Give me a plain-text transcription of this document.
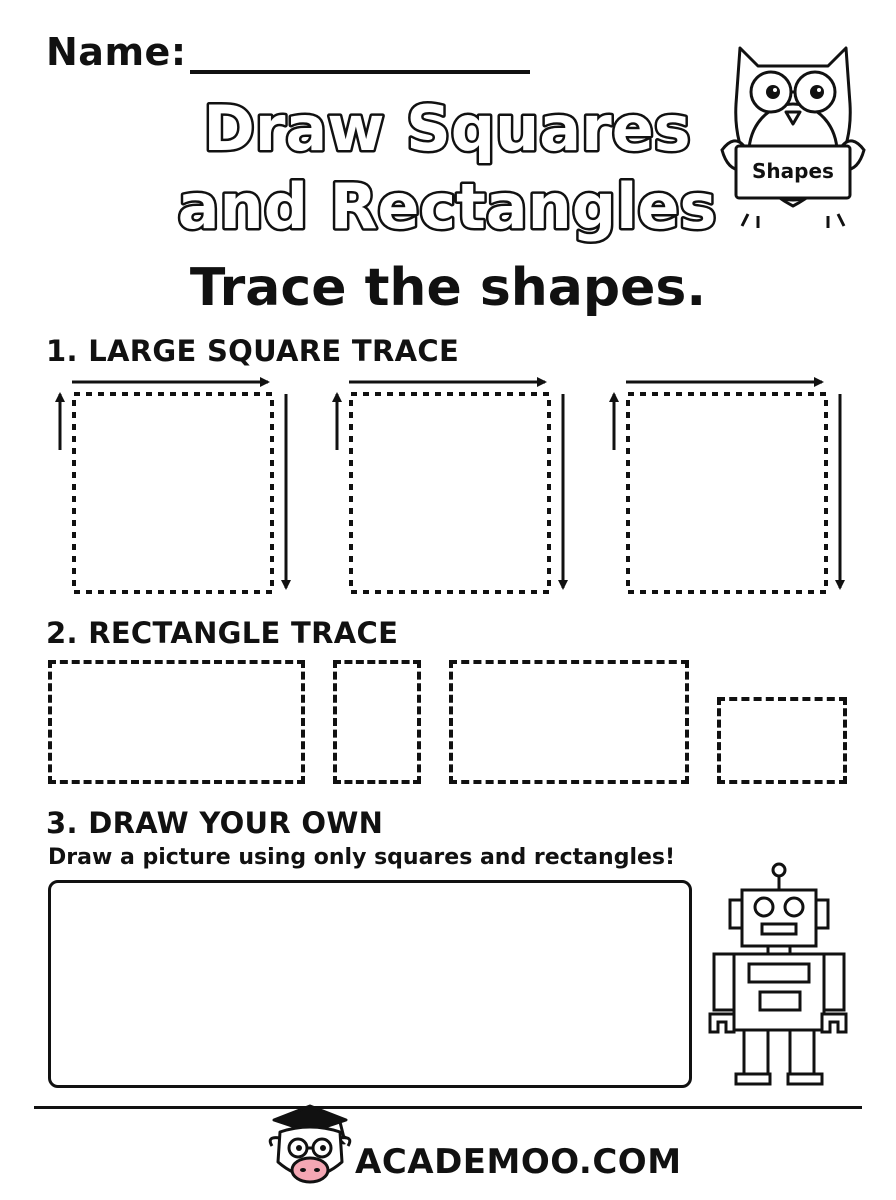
Name:
Draw Squares
and Rectangles Shapes
Trace the shapes.
1. LARGE SQUARE TRACE
2. RECTANGLE TRACE
3. DRAW YOUR OWN
Draw a picture using only squares and rectangles!
ACADEMOO.COM
